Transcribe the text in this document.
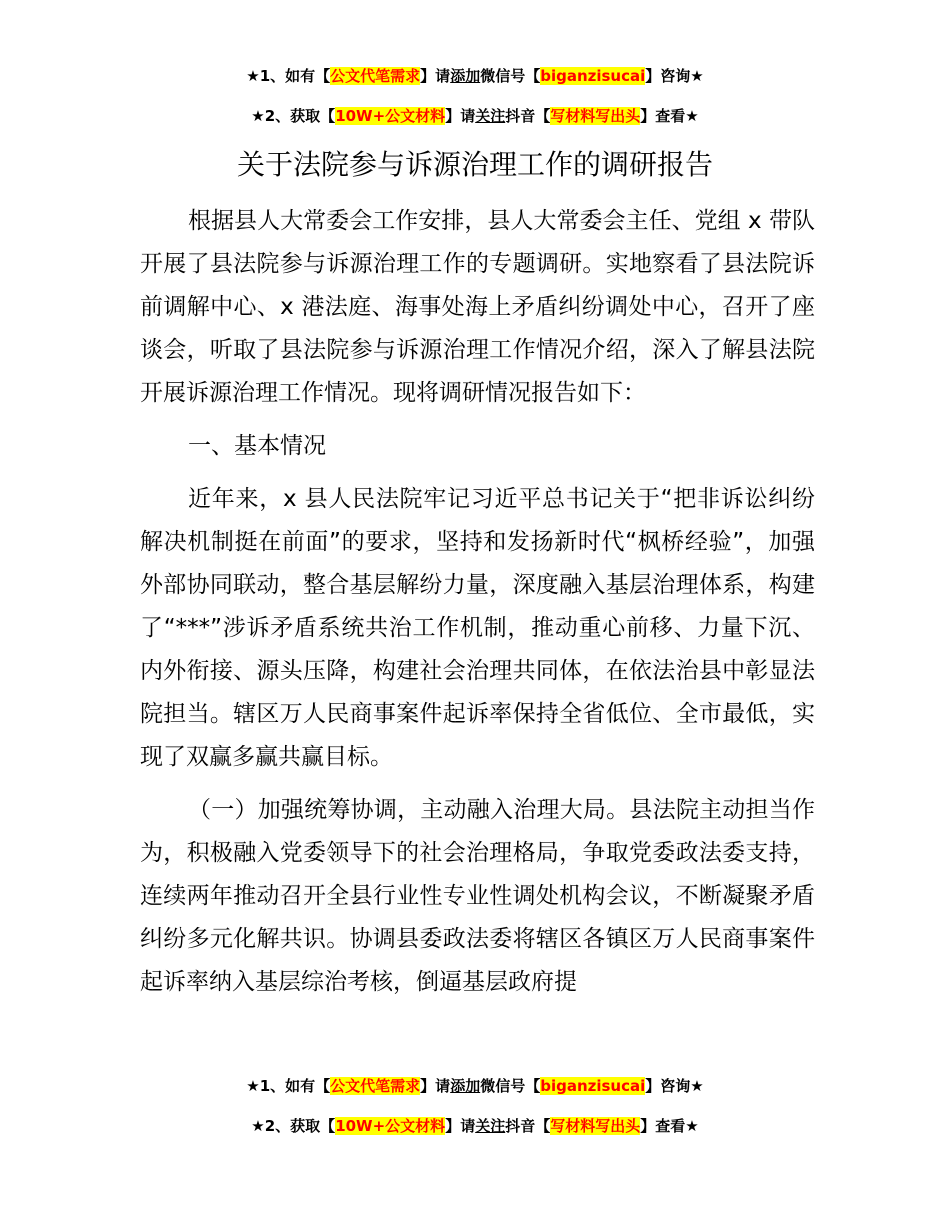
★1、如有【公文代笔需求】请添加微信号【biganzisucai】咨询★
★2、获取【10W+公文材料】请关注抖音【写材料写出头】查看★
关于法院参与诉源治理工作的调研报告

根据县人大常委会工作安排，县人大常委会主任、党组 x 带队开展了县法院参与诉源治理工作的专题调研。实地察看了县法院诉前调解中心、x 港法庭、海事处海上矛盾纠纷调处中心，召开了座谈会，听取了县法院参与诉源治理工作情况介绍，深入了解县法院开展诉源治理工作情况。现将调研情况报告如下：

一、基本情况

近年来，x 县人民法院牢记习近平总书记关于“把非诉讼纠纷解决机制挺在前面”的要求，坚持和发扬新时代“枫桥经验”，加强外部协同联动，整合基层解纷力量，深度融入基层治理体系，构建了“***”涉诉矛盾系统共治工作机制，推动重心前移、力量下沉、内外衔接、源头压降，构建社会治理共同体，在依法治县中彰显法院担当。辖区万人民商事案件起诉率保持全省低位、全市最低，实现了双赢多赢共赢目标。

（一）加强统筹协调，主动融入治理大局。县法院主动担当作为，积极融入党委领导下的社会治理格局，争取党委政法委支持，连续两年推动召开全县行业性专业性调处机构会议，不断凝聚矛盾纠纷多元化解共识。协调县委政法委将辖区各镇区万人民商事案件起诉率纳入基层综治考核，倒逼基层政府提

★1、如有【公文代笔需求】请添加微信号【biganzisucai】咨询★
★2、获取【10W+公文材料】请关注抖音【写材料写出头】查看★
